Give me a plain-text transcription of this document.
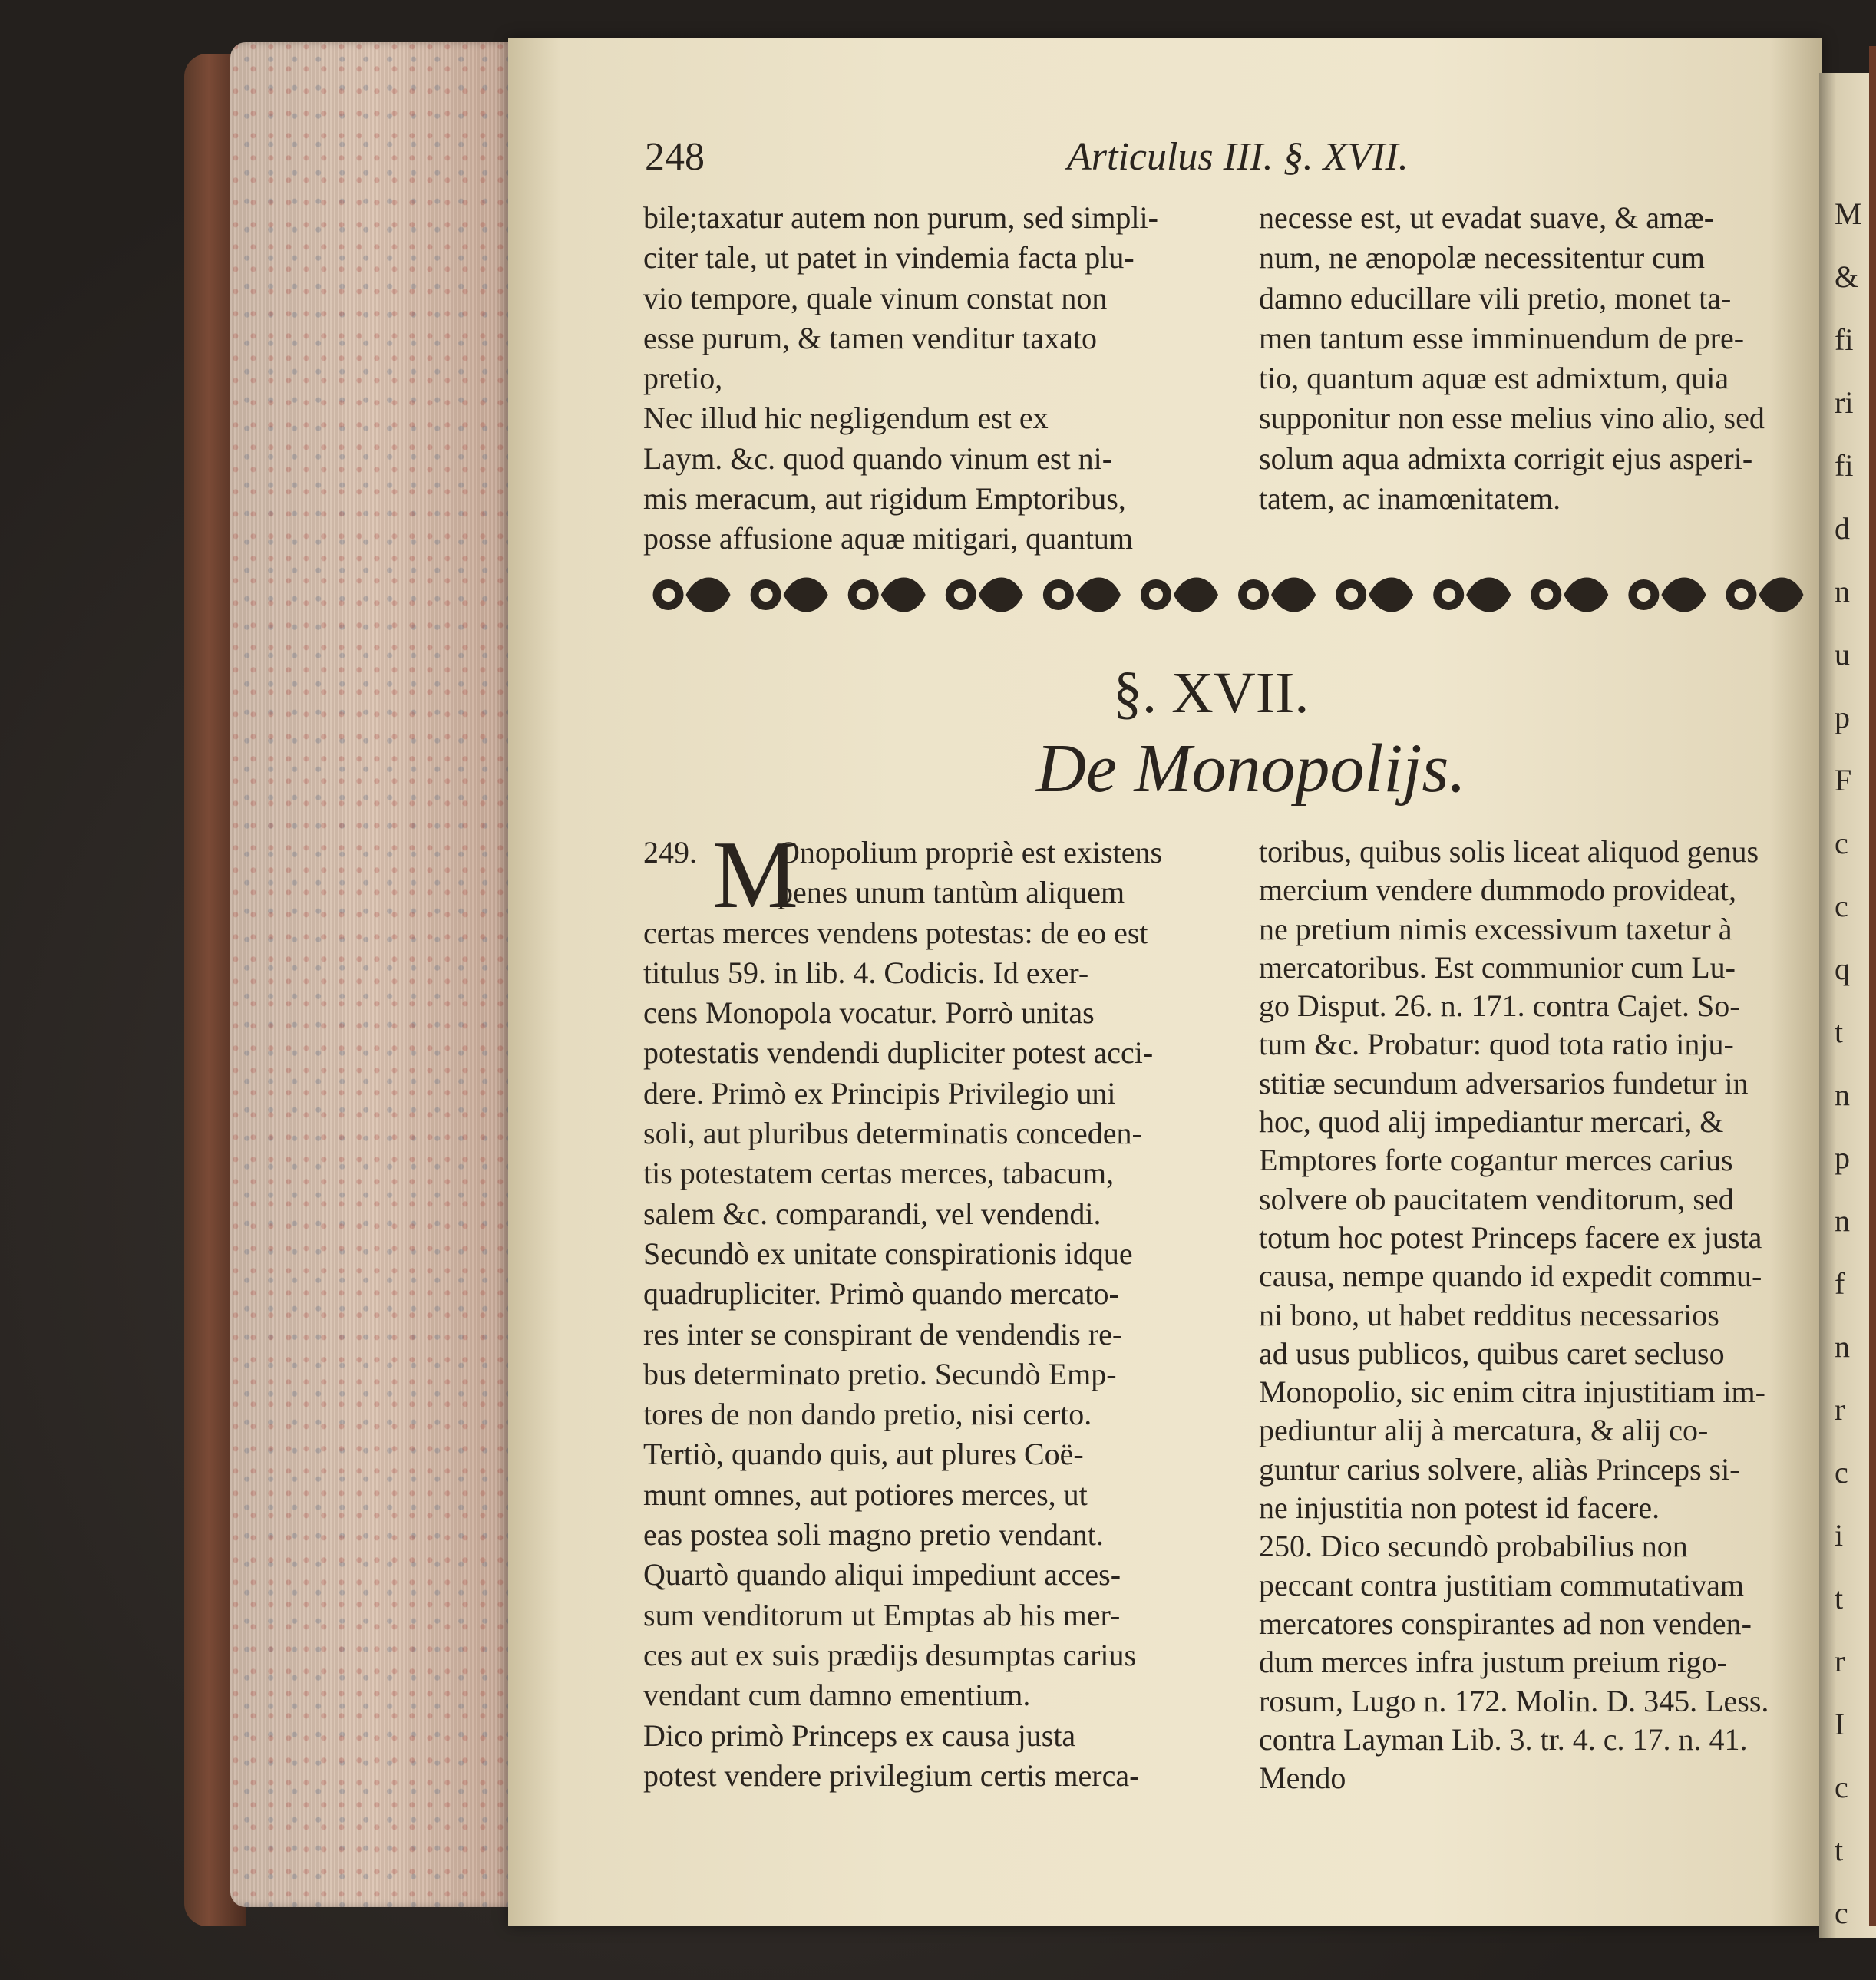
M
&
fi
ri
fi
d
n
u
p
F
c
c
q
t
n
p
n
f
n
r
c
i
t
r
I
c
t
c
248	Articulus III. §. XVII.
bile;taxatur autem non purum, sed simpli-
citer tale, ut patet in vindemia facta plu-
vio tempore, quale vinum constat non
esse purum, & tamen venditur taxato
pretio,
Nec illud hic negligendum est ex
Laym. &c. quod quando vinum est ni-
mis meracum, aut rigidum Emptoribus,
posse affusione aquæ mitigari, quantum
necesse est, ut evadat suave, & amæ-
num, ne ænopolæ necessitentur cum
damno educillare vili pretio, monet ta-
men tantum esse imminuendum de pre-
tio, quantum aquæ est admixtum, quia
supponitur non esse melius vino alio, sed
solum aqua admixta corrigit ejus asperi-
tatem, ac inamœnitatem.
§. XVII.
De Monopolijs.
249. M
Onopolium propriè est existens
penes unum tantùm aliquem
certas merces vendens potestas: de eo est
titulus 59. in lib. 4. Codicis. Id exer-
cens Monopola vocatur. Porrò unitas
potestatis vendendi dupliciter potest acci-
dere. Primò ex Principis Privilegio uni
soli, aut pluribus determinatis conceden-
tis potestatem certas merces, tabacum,
salem &c. comparandi, vel vendendi.
Secundò ex unitate conspirationis idque
quadrupliciter. Primò quando mercato-
res inter se conspirant de vendendis re-
bus determinato pretio. Secundò Emp-
tores de non dando pretio, nisi certo.
Tertiò, quando quis, aut plures Coë-
munt omnes, aut potiores merces, ut
eas postea soli magno pretio vendant.
Quartò quando aliqui impediunt acces-
sum venditorum ut Emptas ab his mer-
ces aut ex suis prædijs desumptas carius
vendant cum damno ementium.
Dico primò Princeps ex causa justa
potest vendere privilegium certis merca-
toribus, quibus solis liceat aliquod genus
mercium vendere dummodo provideat,
ne pretium nimis excessivum taxetur à
mercatoribus. Est communior cum Lu-
go Disput. 26. n. 171. contra Cajet. So-
tum &c. Probatur: quod tota ratio inju-
stitiæ secundum adversarios fundetur in
hoc, quod alij impediantur mercari, &
Emptores forte cogantur merces carius
solvere ob paucitatem venditorum, sed
totum hoc potest Princeps facere ex justa
causa, nempe quando id expedit commu-
ni bono, ut habet redditus necessarios
ad usus publicos, quibus caret secluso
Monopolio, sic enim citra injustitiam im-
pediuntur alij à mercatura, & alij co-
guntur carius solvere, aliàs Princeps si-
ne injustitia non potest id facere.
250. Dico secundò probabilius non
peccant contra justitiam commutativam
mercatores conspirantes ad non venden-
dum merces infra justum preium rigo-
rosum, Lugo n. 172. Molin. D. 345. Less.
contra Layman Lib. 3. tr. 4. c. 17. n. 41.
Mendo
